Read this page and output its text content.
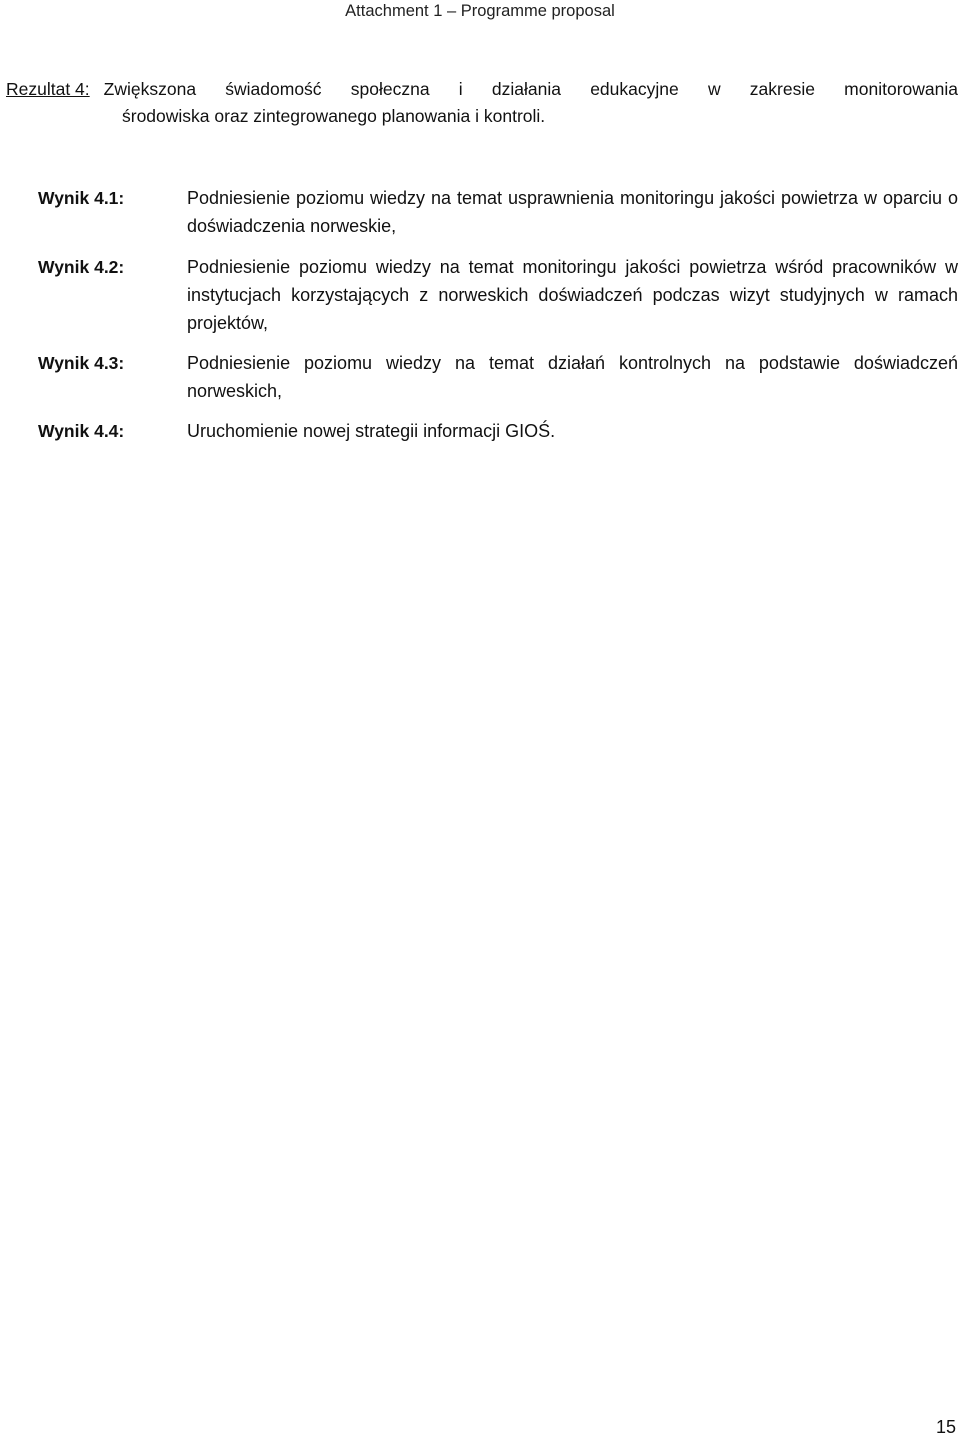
Attachment 1 – Programme proposal
Rezultat 4: Zwiększona świadomość społeczna i działania edukacyjne w zakresie monitorowania
środowiska oraz zintegrowanego planowania i kontroli.
Wynik 4.1:	Podniesienie poziomu wiedzy na temat usprawnienia monitoringu jakości powietrza w oparciu o doświadczenia norweskie,
Wynik 4.2:	Podniesienie poziomu wiedzy na temat monitoringu jakości powietrza wśród pracowników w instytucjach korzystających z norweskich doświadczeń podczas wizyt studyjnych w ramach projektów,
Wynik 4.3:	Podniesienie poziomu wiedzy na temat działań kontrolnych na podstawie doświadczeń norweskich,
Wynik 4.4:	Uruchomienie nowej strategii informacji GIOŚ.
15
